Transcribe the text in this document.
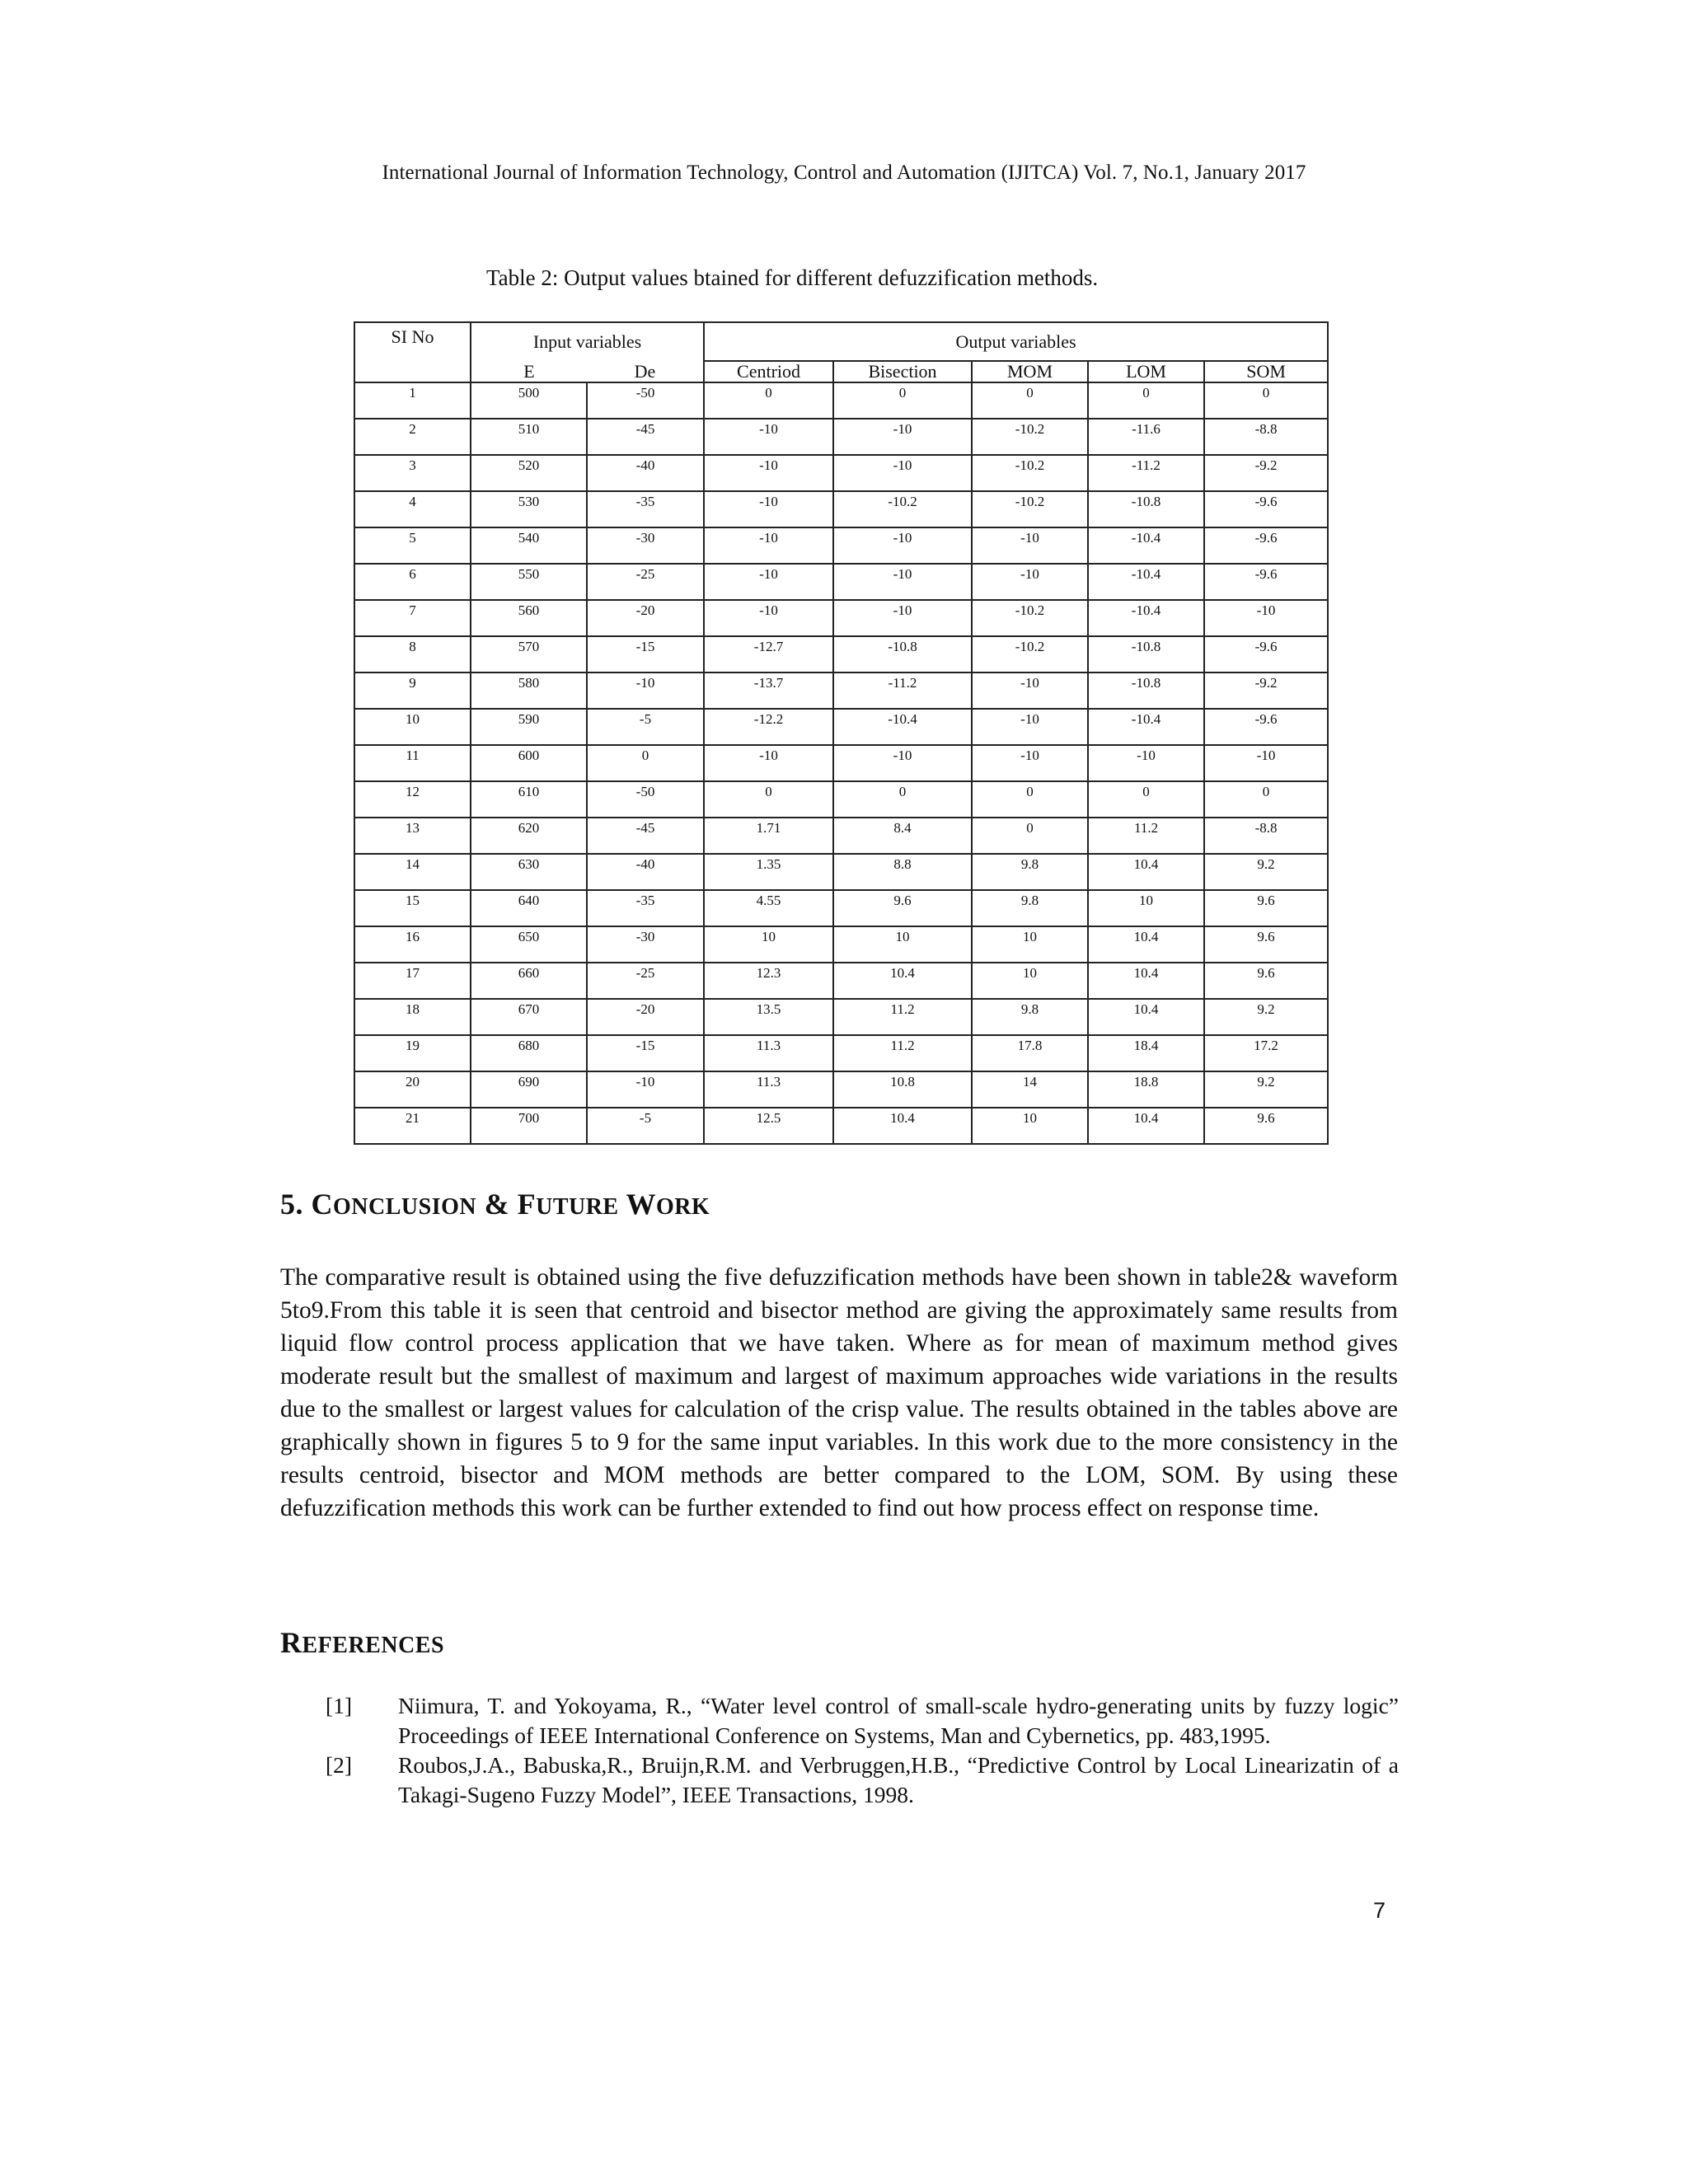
International Journal of Information Technology, Control and Automation (IJITCA) Vol. 7, No.1, January 2017
Table 2: Output values btained for different defuzzification methods.
SI No	Input variables		Output variables				
	E	De	Centriod	Bisection	MOM	LOM	SOM
1	500	-50	0	0	0	0	0
2	510	-45	-10	-10	-10.2	-11.6	-8.8
3	520	-40	-10	-10	-10.2	-11.2	-9.2
4	530	-35	-10	-10.2	-10.2	-10.8	-9.6
5	540	-30	-10	-10	-10	-10.4	-9.6
6	550	-25	-10	-10	-10	-10.4	-9.6
7	560	-20	-10	-10	-10.2	-10.4	-10
8	570	-15	-12.7	-10.8	-10.2	-10.8	-9.6
9	580	-10	-13.7	-11.2	-10	-10.8	-9.2
10	590	-5	-12.2	-10.4	-10	-10.4	-9.6
11	600	0	-10	-10	-10	-10	-10
12	610	-50	0	0	0	0	0
13	620	-45	1.71	8.4	0	11.2	-8.8
14	630	-40	1.35	8.8	9.8	10.4	9.2
15	640	-35	4.55	9.6	9.8	10	9.6
16	650	-30	10	10	10	10.4	9.6
17	660	-25	12.3	10.4	10	10.4	9.6
18	670	-20	13.5	11.2	9.8	10.4	9.2
19	680	-15	11.3	11.2	17.8	18.4	17.2
20	690	-10	11.3	10.8	14	18.8	9.2
21	700	-5	12.5	10.4	10	10.4	9.6
5. CONCLUSION & FUTURE WORK
The comparative result is obtained using the five defuzzification methods have been shown in table2& waveform 5to9.From this table it is seen that centroid and bisector method are giving the approximately same results from liquid flow control process application that we have taken. Where as for mean of maximum method gives moderate result but the smallest of maximum and largest of maximum approaches wide variations in the results due to the smallest or largest values for calculation of the crisp value. The results obtained in the tables above are graphically shown in figures 5 to 9 for the same input variables. In this work due to the more consistency in the results centroid, bisector and MOM methods are better compared to the LOM, SOM. By using these defuzzification methods this work can be further extended to find out how process effect on response time.
REFERENCES
[1] Niimura, T. and Yokoyama, R., “Water level control of small-scale hydro-generating units by fuzzy logic” Proceedings of IEEE International Conference on Systems, Man and Cybernetics, pp. 483,1995.
[2] Roubos,J.A., Babuska,R., Bruijn,R.M. and Verbruggen,H.B., “Predictive Control by Local Linearizatin of a Takagi-Sugeno Fuzzy Model”, IEEE Transactions, 1998.
7
